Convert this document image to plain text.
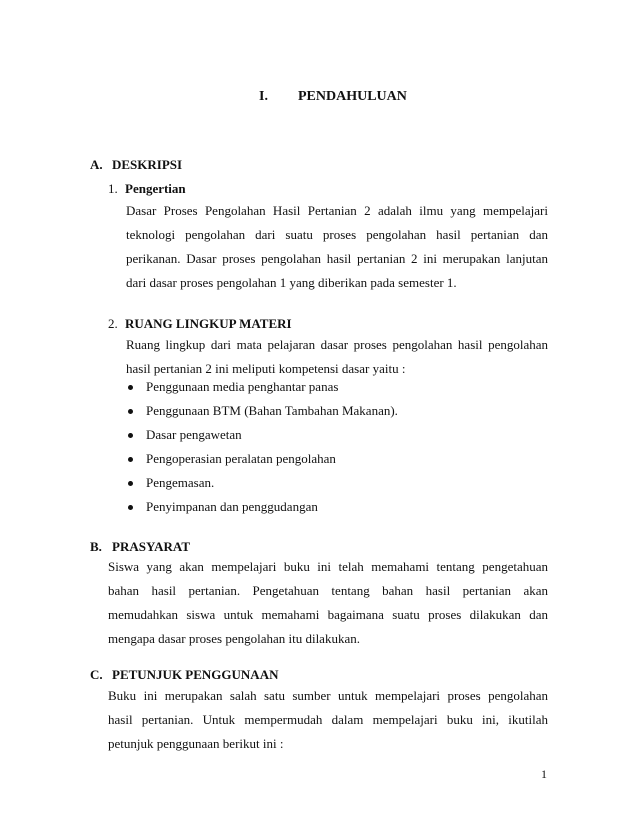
I. PENDAHULUAN
A. DESKRIPSI
1. Pengertian
Dasar Proses Pengolahan Hasil Pertanian 2 adalah ilmu yang mempelajari
teknologi pengolahan dari suatu proses pengolahan hasil pertanian dan
perikanan. Dasar proses pengolahan hasil pertanian 2 ini merupakan lanjutan
dari dasar proses pengolahan 1 yang diberikan pada semester 1.
2. RUANG LINGKUP MATERI
Ruang lingkup dari mata pelajaran dasar proses pengolahan hasil pengolahan
hasil pertanian 2 ini meliputi kompetensi dasar yaitu :
Penggunaan media penghantar panas
Penggunaan BTM (Bahan Tambahan Makanan).
Dasar pengawetan
Pengoperasian peralatan pengolahan
Pengemasan.
Penyimpanan dan penggudangan
B. PRASYARAT
Siswa yang akan mempelajari buku ini telah memahami tentang pengetahuan
bahan hasil pertanian. Pengetahuan tentang bahan hasil pertanian akan
memudahkan siswa untuk memahami bagaimana suatu proses dilakukan dan
mengapa dasar proses pengolahan itu dilakukan.
C. PETUNJUK PENGGUNAAN
Buku ini merupakan salah satu sumber untuk mempelajari proses pengolahan
hasil pertanian. Untuk mempermudah dalam mempelajari buku ini, ikutilah
petunjuk penggunaan berikut ini :
1
